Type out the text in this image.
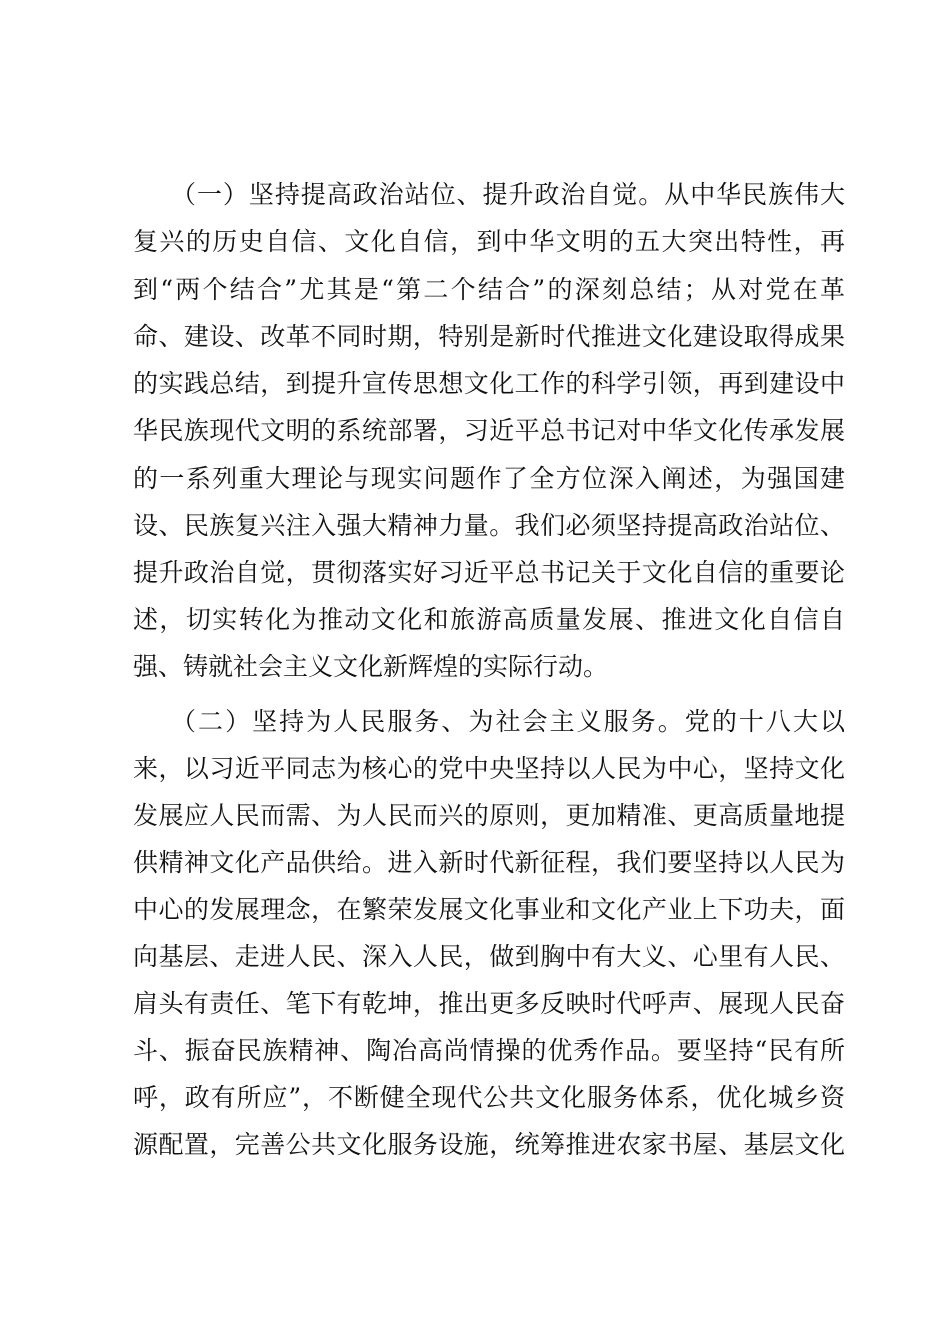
（一）坚持提高政治站位、提升政治自觉。从中华民族伟大
复兴的历史自信、文化自信，到中华文明的五大突出特性，再
到“两个结合”尤其是“第二个结合”的深刻总结；从对党在革
命、建设、改革不同时期，特别是新时代推进文化建设取得成果
的实践总结，到提升宣传思想文化工作的科学引领，再到建设中
华民族现代文明的系统部署，习近平总书记对中华文化传承发展
的一系列重大理论与现实问题作了全方位深入阐述，为强国建
设、民族复兴注入强大精神力量。我们必须坚持提高政治站位、
提升政治自觉，贯彻落实好习近平总书记关于文化自信的重要论
述，切实转化为推动文化和旅游高质量发展、推进文化自信自
强、铸就社会主义文化新辉煌的实际行动。
（二）坚持为人民服务、为社会主义服务。党的十八大以
来，以习近平同志为核心的党中央坚持以人民为中心，坚持文化
发展应人民而需、为人民而兴的原则，更加精准、更高质量地提
供精神文化产品供给。进入新时代新征程，我们要坚持以人民为
中心的发展理念，在繁荣发展文化事业和文化产业上下功夫，面
向基层、走进人民、深入人民，做到胸中有大义、心里有人民、
肩头有责任、笔下有乾坤，推出更多反映时代呼声、展现人民奋
斗、振奋民族精神、陶冶高尚情操的优秀作品。要坚持“民有所
呼，政有所应”，不断健全现代公共文化服务体系，优化城乡资
源配置，完善公共文化服务设施，统筹推进农家书屋、基层文化
